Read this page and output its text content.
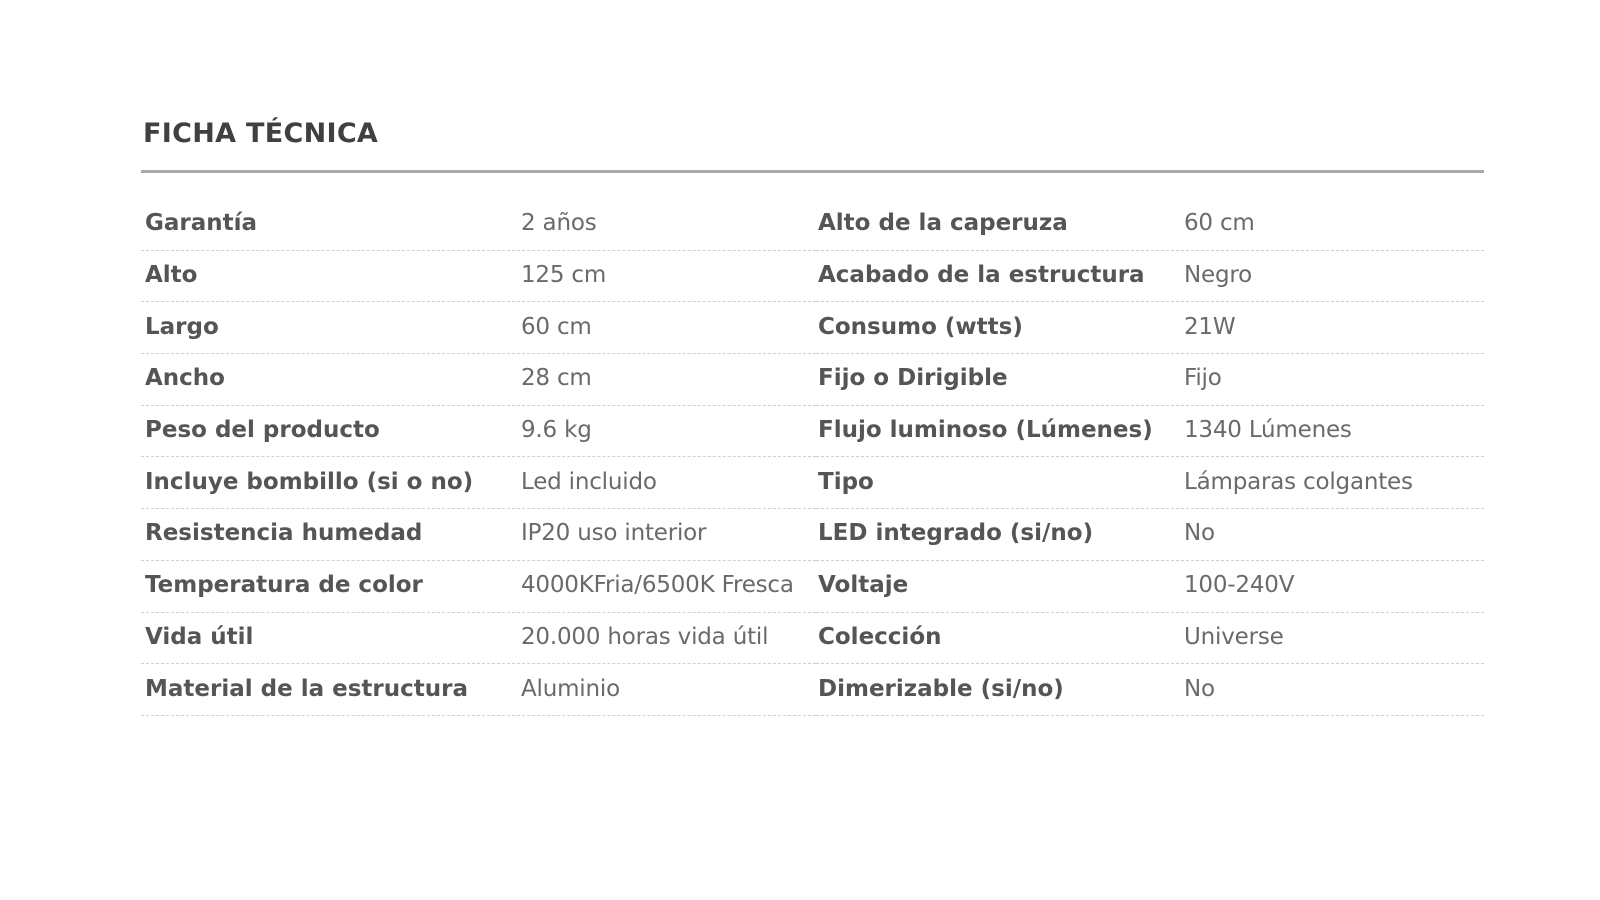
FICHA TÉCNICA
Garantía	2 años
Alto	125 cm
Largo	60 cm
Ancho	28 cm
Peso del producto	9.6 kg
Incluye bombillo (si o no)	Led incluido
Resistencia humedad	IP20 uso interior
Temperatura de color	4000KFria/6500K Fresca
Vida útil	20.000 horas vida útil
Material de la estructura	Aluminio
Alto de la caperuza	60 cm
Acabado de la estructura	Negro
Consumo (wtts)	21W
Fijo o Dirigible	Fijo
Flujo luminoso (Lúmenes)	1340 Lúmenes
Tipo	Lámparas colgantes
LED integrado (si/no)	No
Voltaje	100-240V
Colección	Universe
Dimerizable (si/no)	No
